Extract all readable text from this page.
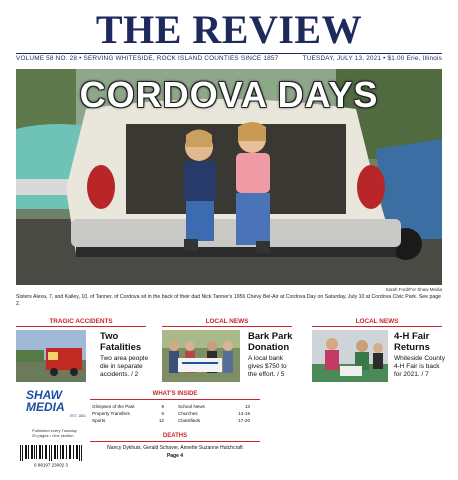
THE REVIEW
VOLUME 58 NO. 28 • SERVING WHITESIDE, ROCK ISLAND COUNTIES SINCE 1857	TUESDAY, JULY 13, 2021 • $1.00 Erie, Illinois
CORDOVA DAYS
Sarah Ford/For Shaw Media
Sisters Alexa, 7, and Kailey, 10, of Tanner, of Cordova sit in the back of their dad Nick Tanner's 1956 Chevy Bel-Air at Cordova Day on Saturday, July 10 at Cordova Civic Park. See page 2.
TRAGIC ACCIDENTS
Two
Fatalities
Two area people
die in separate
accidents. / 2
LOCAL NEWS
Bark Park
Donation
A local bank
gives $750 to
the effort. / 5
LOCAL NEWS
4-H Fair
Returns
Whiteside County
4-H Fair is back
for 2021. / 7
SHAW
MEDIA
EST. 1851
Published every Tuesday
20 pages • One section
6 88197 23002 3
WHAT'S INSIDE
Glimpses of the Past	9
Property Transfers	6
Sports	12
School News	13
Churches	14-15
Classifieds	17-20
DEATHS
Nancy Dykhuis, Gerald Schaver, Annette Suzanne Hutchcraft
Page 4
